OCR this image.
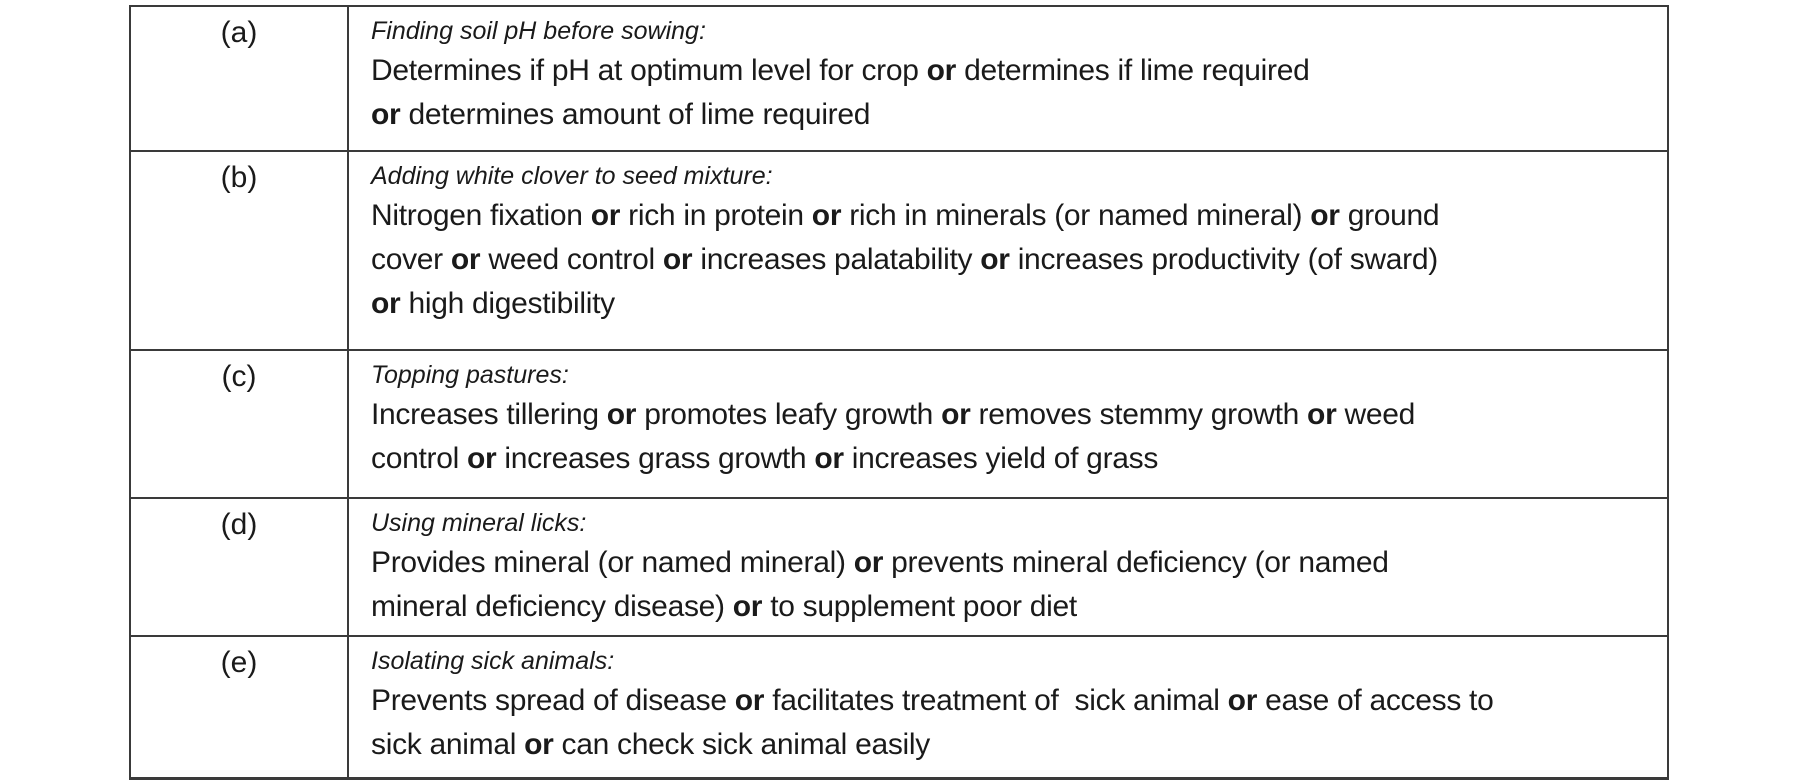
(a)	Finding soil pH before sowing:
Determines if pH at optimum level for crop or determines if lime required
or determines amount of lime required

(b)	Adding white clover to seed mixture:
Nitrogen fixation or rich in protein or rich in minerals (or named mineral) or ground
cover or weed control or increases palatability or increases productivity (of sward)
or high digestibility

(c)	Topping pastures:
Increases tillering or promotes leafy growth or removes stemmy growth or weed
control or increases grass growth or increases yield of grass

(d)	Using mineral licks:
Provides mineral (or named mineral) or prevents mineral deficiency (or named
mineral deficiency disease) or to supplement poor diet

(e)	Isolating sick animals:
Prevents spread of disease or facilitates treatment of  sick animal or ease of access to
sick animal or can check sick animal easily
